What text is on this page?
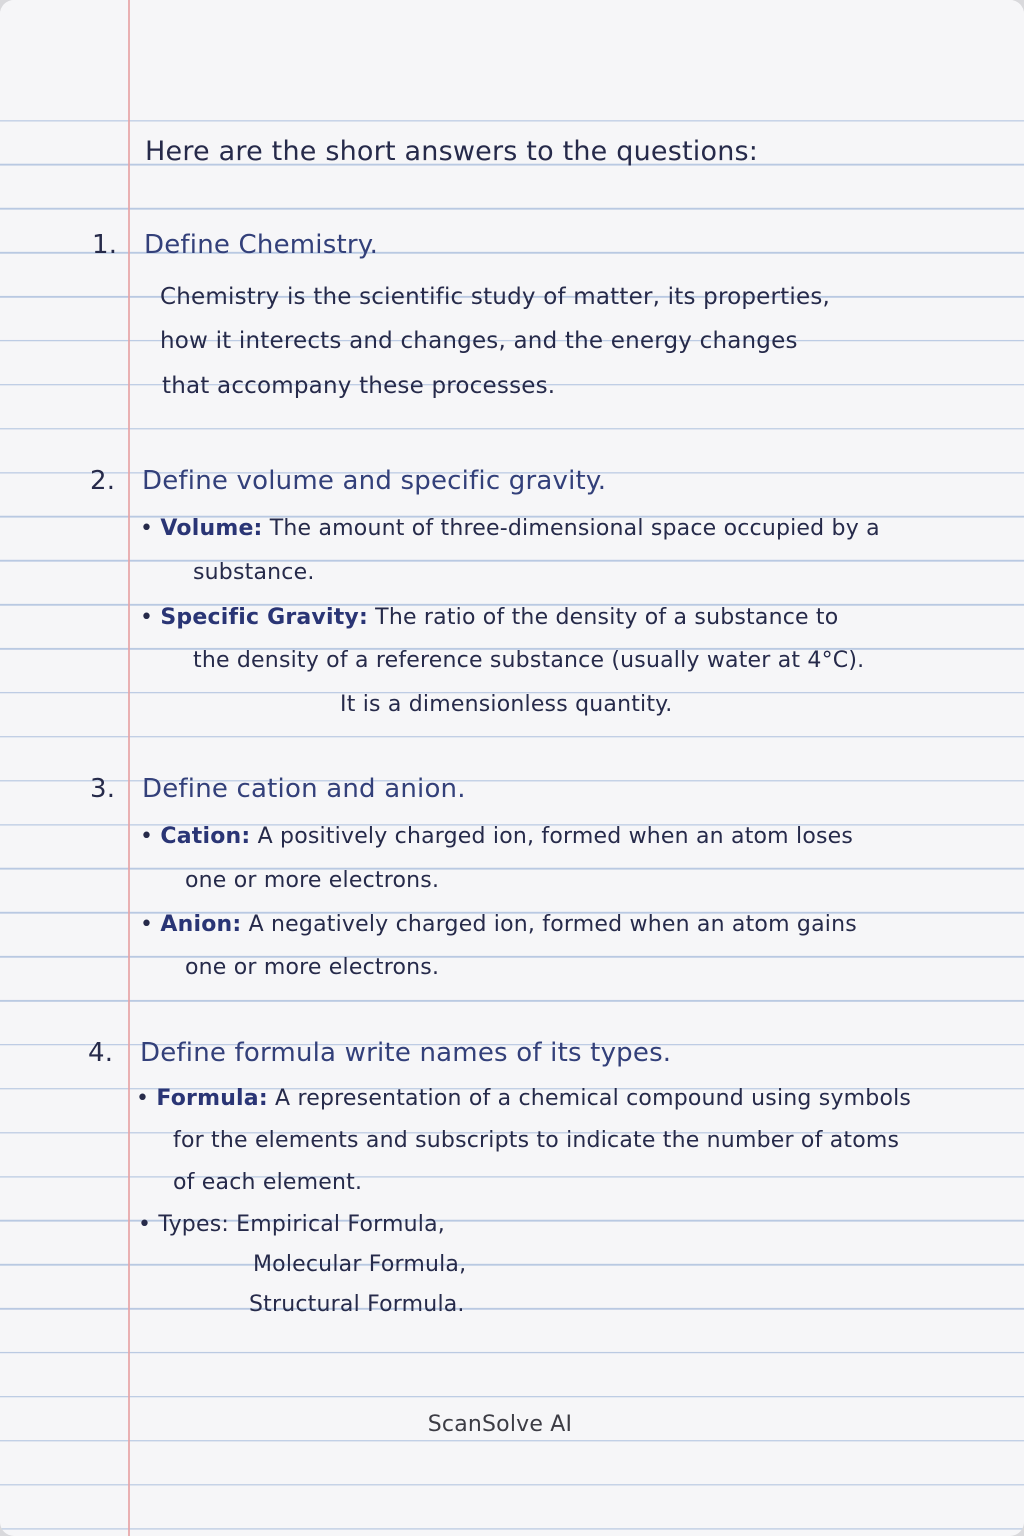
Here are the short answers to the questions:
1. Define Chemistry.
Chemistry is the scientific study of matter, its properties,
how it interects and changes, and the energy changes
that accompany these processes.
2. Define volume and specific gravity.
• Volume: The amount of three-dimensional space occupied by a
substance.
• Specific Gravity: The ratio of the density of a substance to
the density of a reference substance (usually water at 4°C).
It is a dimensionless quantity.
3. Define cation and anion.
• Cation: A positively charged ion, formed when an atom loses
one or more electrons.
• Anion: A negatively charged ion, formed when an atom gains
one or more electrons.
4. Define formula write names of its types.
• Formula: A representation of a chemical compound using symbols
for the elements and subscripts to indicate the number of atoms
of each element.
• Types: Empirical Formula,
Molecular Formula,
Structural Formula.
ScanSolve AI
